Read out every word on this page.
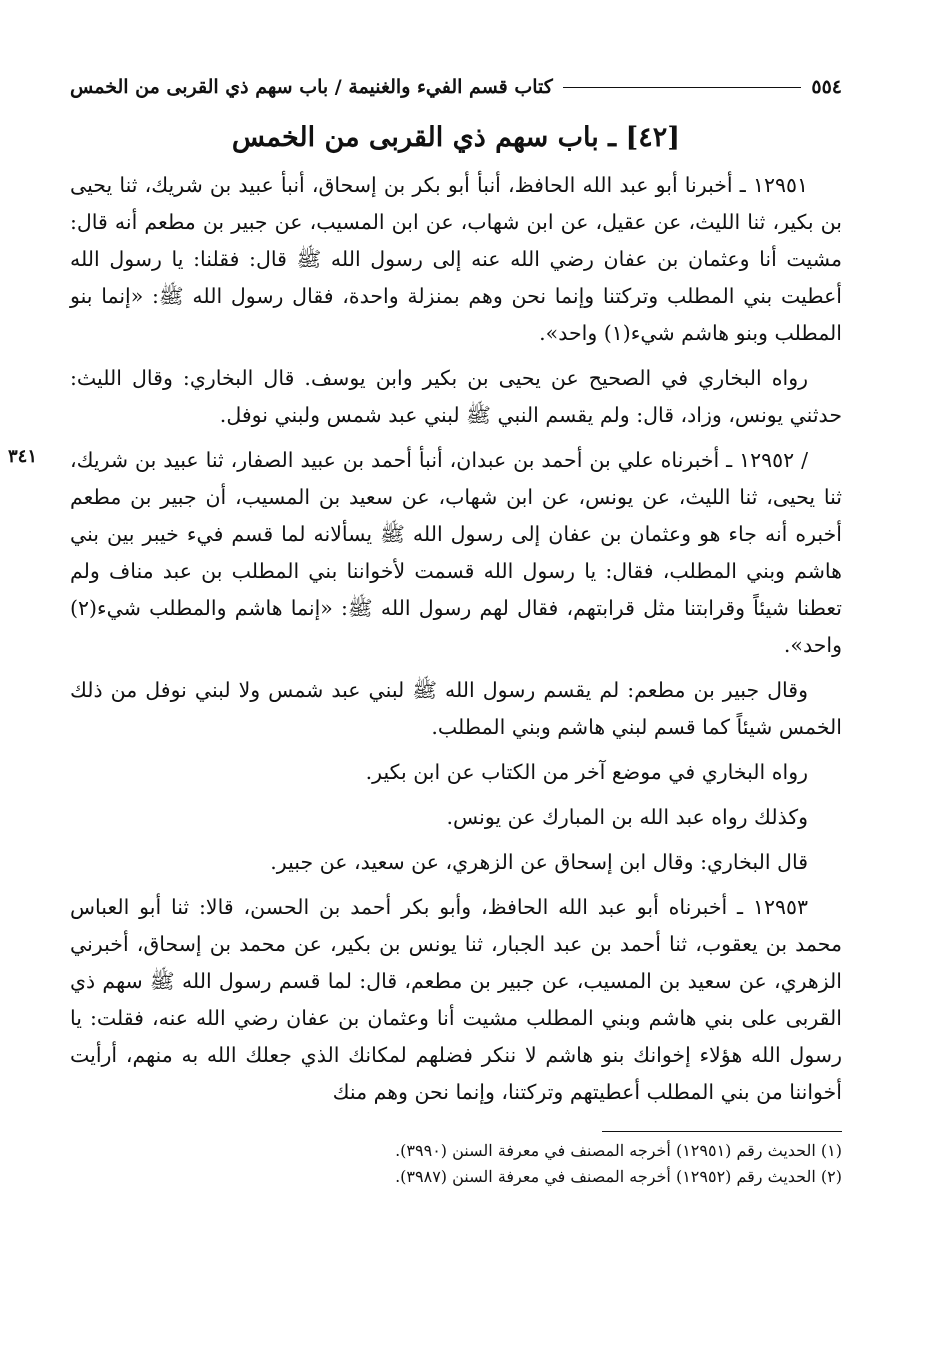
٥٥٤
كتاب قسم الفيء والغنيمة / باب سهم ذي القربى من الخمس
[٤٢] ـ باب سهم ذي القربى من الخمس

١٢٩٥١ ـ أخبرنا أبو عبد الله الحافظ، أنبأ أبو بكر بن إسحاق، أنبأ عبيد بن شريك، ثنا يحيى بن بكير، ثنا الليث، عن عقيل، عن ابن شهاب، عن ابن المسيب، عن جبير بن مطعم أنه قال: مشيت أنا وعثمان بن عفان رضي الله عنه إلى رسول الله ﷺ قال: فقلنا: يا رسول الله أعطيت بني المطلب وتركتنا وإنما نحن وهم بمنزلة واحدة، فقال رسول الله ﷺ: «إنما بنو المطلب وبنو هاشم شيء(١) واحد».

رواه البخاري في الصحيح عن يحيى بن بكير وابن يوسف. قال البخاري: وقال الليث: حدثني يونس، وزاد، قال: ولم يقسم النبي ﷺ لبني عبد شمس ولبني نوفل.

٣٤١ / ١٢٩٥٢ ـ أخبرناه علي بن أحمد بن عبدان، أنبأ أحمد بن عبيد الصفار، ثنا عبيد بن شريك، ثنا يحيى، ثنا الليث، عن يونس، عن ابن شهاب، عن سعيد بن المسيب، أن جبير بن مطعم أخبره أنه جاء هو وعثمان بن عفان إلى رسول الله ﷺ يسألانه لما قسم فيء خيبر بين بني هاشم وبني المطلب، فقال: يا رسول الله قسمت لأخواننا بني المطلب بن عبد مناف ولم تعطنا شيئاً وقرابتنا مثل قرابتهم، فقال لهم رسول الله ﷺ: «إنما هاشم والمطلب شيء(٢) واحد».

وقال جبير بن مطعم: لم يقسم رسول الله ﷺ لبني عبد شمس ولا لبني نوفل من ذلك الخمس شيئاً كما قسم لبني هاشم وبني المطلب.

رواه البخاري في موضع آخر من الكتاب عن ابن بكير.

وكذلك رواه عبد الله بن المبارك عن يونس.

قال البخاري: وقال ابن إسحاق عن الزهري، عن سعيد، عن جبير.

١٢٩٥٣ ـ أخبرناه أبو عبد الله الحافظ، وأبو بكر أحمد بن الحسن، قالا: ثنا أبو العباس محمد بن يعقوب، ثنا أحمد بن عبد الجبار، ثنا يونس بن بكير، عن محمد بن إسحاق، أخبرني الزهري، عن سعيد بن المسيب، عن جبير بن مطعم، قال: لما قسم رسول الله ﷺ سهم ذي القربى على بني هاشم وبني المطلب مشيت أنا وعثمان بن عفان رضي الله عنه، فقلت: يا رسول الله هؤلاء إخوانك بنو هاشم لا ننكر فضلهم لمكانك الذي جعلك الله به منهم، أرأيت أخواننا من بني المطلب أعطيتهم وتركتنا، وإنما نحن وهم منك

(١) الحديث رقم (١٢٩٥١) أخرجه المصنف في معرفة السنن (٣٩٩٠).

(٢) الحديث رقم (١٢٩٥٢) أخرجه المصنف في معرفة السنن (٣٩٨٧).
